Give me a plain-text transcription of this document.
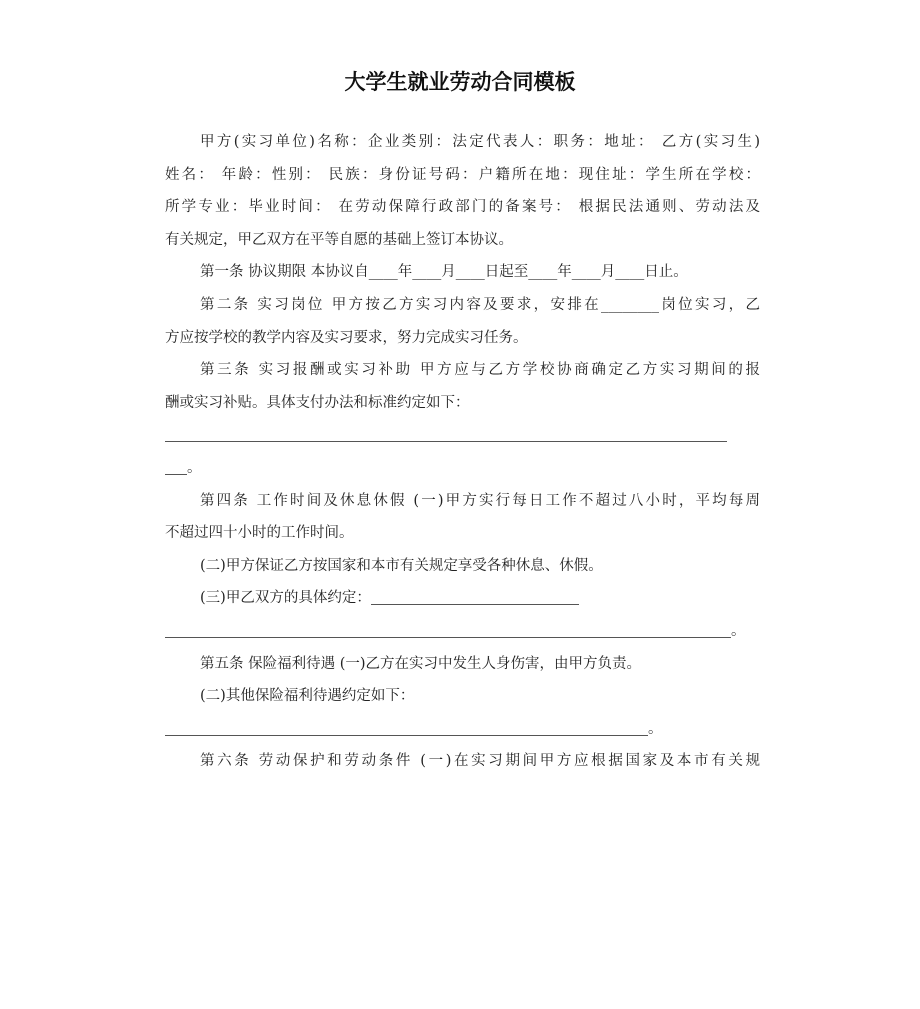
大学生就业劳动合同模板
甲方(实习单位)名称：企业类别：法定代表人：职务：地址： 乙方(实习生)
姓名： 年龄：性别： 民族：身份证号码：户籍所在地：现住址：学生所在学校：
所学专业：毕业时间： 在劳动保障行政部门的备案号： 根据民法通则、劳动法及
有关规定，甲乙双方在平等自愿的基础上签订本协议。
第一条 协议期限 本协议自____年____月____日起至____年____月____日止。
第二条 实习岗位 甲方按乙方实习内容及要求，安排在________岗位实习，乙
方应按学校的教学内容及实习要求，努力完成实习任务。
第三条 实习报酬或实习补助 甲方应与乙方学校协商确定乙方实习期间的报
酬或实习补贴。具体支付办法和标准约定如下：
。
第四条 工作时间及休息休假 (一)甲方实行每日工作不超过八小时，平均每周
不超过四十小时的工作时间。
(二)甲方保证乙方按国家和本市有关规定享受各种休息、休假。
(三)甲乙双方的具体约定：
。
第五条 保险福利待遇 (一)乙方在实习中发生人身伤害，由甲方负责。
(二)其他保险福利待遇约定如下：
。
第六条 劳动保护和劳动条件 (一)在实习期间甲方应根据国家及本市有关规
